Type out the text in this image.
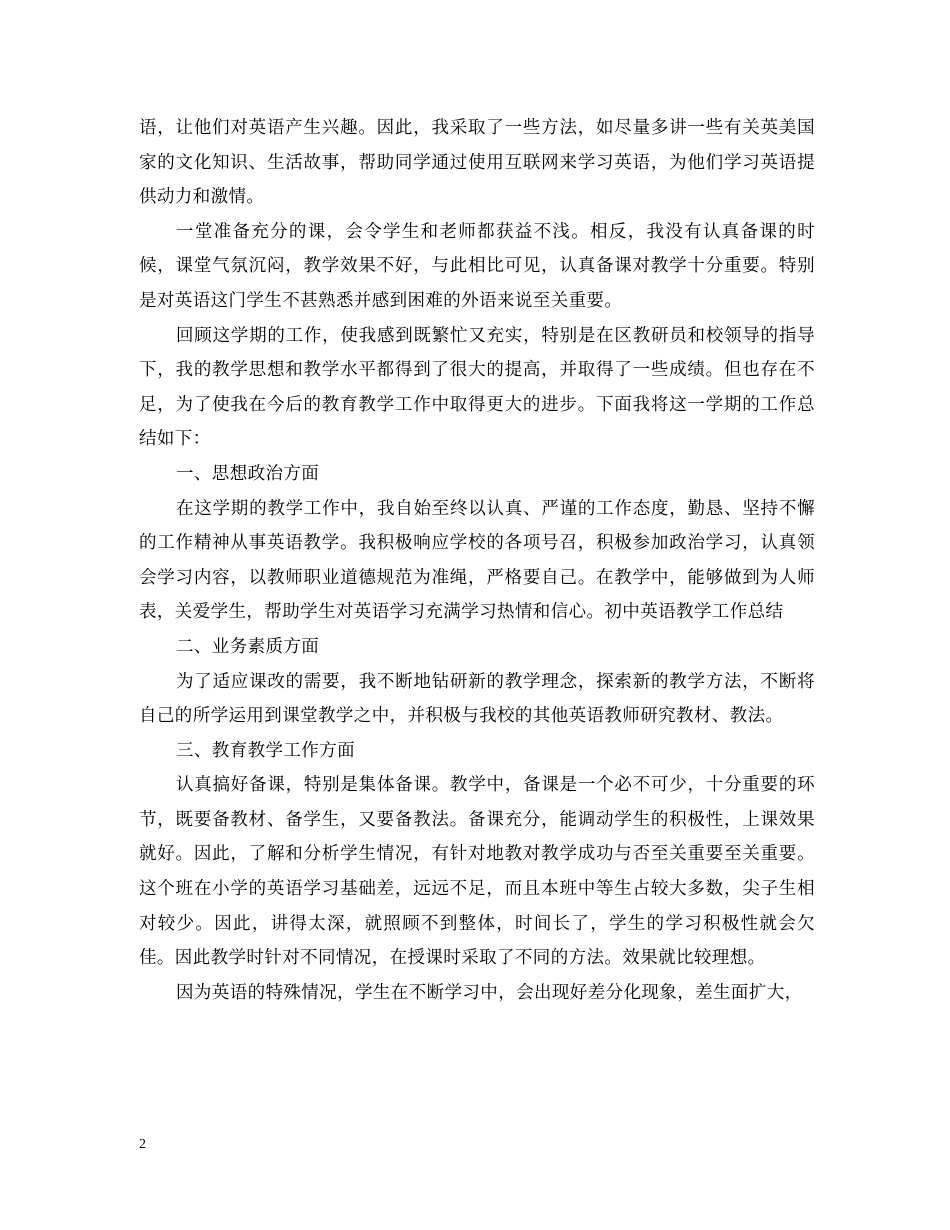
语，让他们对英语产生兴趣。因此，我采取了一些方法，如尽量多讲一些有关英美国家的文化知识、生活故事，帮助同学通过使用互联网来学习英语，为他们学习英语提供动力和激情。

一堂准备充分的课，会令学生和老师都获益不浅。相反，我没有认真备课的时候，课堂气氛沉闷，教学效果不好，与此相比可见，认真备课对教学十分重要。特别是对英语这门学生不甚熟悉并感到困难的外语来说至关重要。

回顾这学期的工作，使我感到既繁忙又充实，特别是在区教研员和校领导的指导下，我的教学思想和教学水平都得到了很大的提高，并取得了一些成绩。但也存在不足，为了使我在今后的教育教学工作中取得更大的进步。下面我将这一学期的工作总结如下：

一、思想政治方面

在这学期的教学工作中，我自始至终以认真、严谨的工作态度，勤恳、坚持不懈的工作精神从事英语教学。我积极响应学校的各项号召，积极参加政治学习，认真领会学习内容，以教师职业道德规范为准绳，严格要自己。在教学中，能够做到为人师表，关爱学生，帮助学生对英语学习充满学习热情和信心。初中英语教学工作总结

二、业务素质方面

为了适应课改的需要，我不断地钻研新的教学理念，探索新的教学方法，不断将自己的所学运用到课堂教学之中，并积极与我校的其他英语教师研究教材、教法。

三、教育教学工作方面

认真搞好备课，特别是集体备课。教学中，备课是一个必不可少，十分重要的环节，既要备教材、备学生，又要备教法。备课充分，能调动学生的积极性，上课效果就好。因此，了解和分析学生情况，有针对地教对教学成功与否至关重要至关重要。这个班在小学的英语学习基础差，远远不足，而且本班中等生占较大多数，尖子生相对较少。因此，讲得太深，就照顾不到整体，时间长了，学生的学习积极性就会欠佳。因此教学时针对不同情况，在授课时采取了不同的方法。效果就比较理想。

因为英语的特殊情况，学生在不断学习中，会出现好差分化现象，差生面扩大，

2
